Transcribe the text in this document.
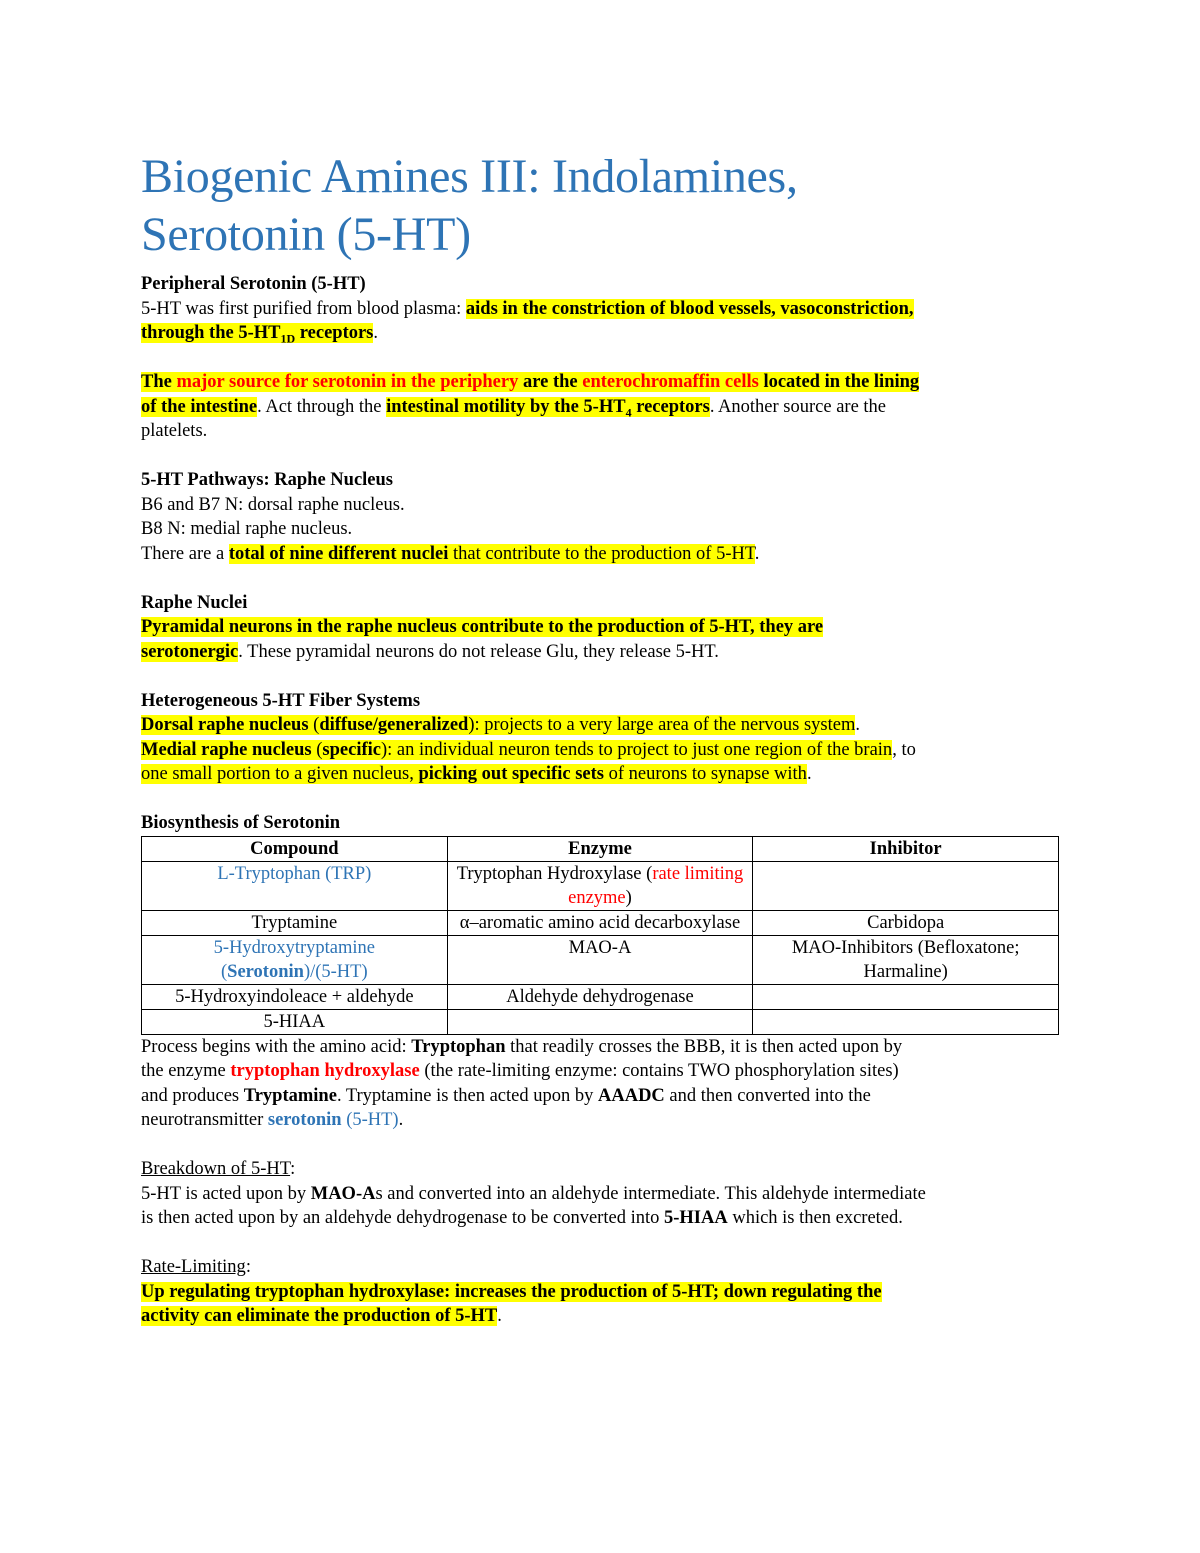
Biogenic Amines III: Indolamines,
Serotonin (5-HT)

Peripheral Serotonin (5-HT)

5-HT was first purified from blood plasma: aids in the constriction of blood vessels, vasoconstriction,
through the $5-HT_{1D}$ receptors.

The major source for serotonin in the periphery are the enterochromaffin cells located in the lining
of the intestine. Act through the intestinal motility by the $5-HT_4$ receptors. Another source are the
platelets.

5-HT Pathways: Raphe Nucleus

B6 and B7 N: dorsal raphe nucleus.
B8 N: medial raphe nucleus.
There are a total of nine different nuclei that contribute to the production of 5-HT.

Raphe Nuclei

Pyramidal neurons in the raphe nucleus contribute to the production of 5-HT, they are
serotonergic. These pyramidal neurons do not release Glu, they release 5-HT.

Heterogeneous 5-HT Fiber Systems

Dorsal raphe nucleus (diffuse/generalized): projects to a very large area of the nervous system.
Medial raphe nucleus (specific): an individual neuron tends to project to just one region of the brain, to
one small portion to a given nucleus, picking out specific sets of neurons to synapse with.

Biosynthesis of Serotonin

Compound	Enzyme	Inhibitor
L-Tryptophan (TRP)	Tryptophan Hydroxylase (rate limiting enzyme)	
Tryptamine	α–aromatic amino acid decarboxylase	Carbidopa
5-Hydroxytryptamine
(Serotonin)/(5-HT)	MAO-A	MAO-Inhibitors (Befloxatone; Harmaline)
5-Hydroxyindoleace + aldehyde	Aldehyde dehydrogenase	
5-HIAA		

Process begins with the amino acid: Tryptophan that readily crosses the BBB, it is then acted upon by
the enzyme tryptophan hydroxylase (the rate-limiting enzyme: contains TWO phosphorylation sites)
and produces Tryptamine. Tryptamine is then acted upon by AAADC and then converted into the
neurotransmitter serotonin (5-HT).

Breakdown of 5-HT:

5-HT is acted upon by MAO-As and converted into an aldehyde intermediate. This aldehyde intermediate
is then acted upon by an aldehyde dehydrogenase to be converted into 5-HIAA which is then excreted.

Rate-Limiting:

Up regulating tryptophan hydroxylase: increases the production of 5-HT; down regulating the
activity can eliminate the production of 5-HT.
